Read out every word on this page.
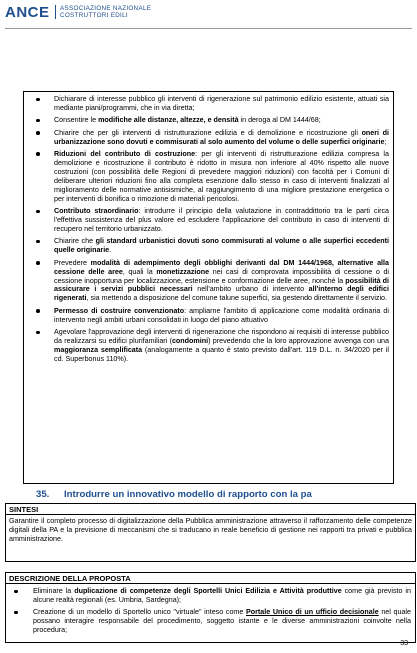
ANCE ASSOCIAZIONE NAZIONALE
COSTRUTTORI EDILI
Dichiarare di interesse pubblico gli interventi di rigenerazione sul patrimonio edilizio esistente, attuati sia mediante piani/programmi, che in via diretta;
Consentire le modifiche alle distanze, altezze, e densità in deroga al DM 1444/68;
Chiarire che per gli interventi di ristrutturazione edilizia e di demolizione e ricostruzione gli oneri di urbanizzazione sono dovuti e commisurati al solo aumento del volume o delle superfici originarie;
Riduzioni del contributo di costruzione: per gli interventi di ristrutturazione edilizia compresa la demolizione e ricostruzione il contributo è ridotto in misura non inferiore al 40% rispetto alle nuove costruzioni (con possibilità delle Regioni di prevedere maggiori riduzioni) con facoltà per i Comuni di deliberare ulteriori riduzioni fino alla completa esenzione dallo stesso in caso di interventi finalizzati al miglioramento delle normative antisismiche, al raggiungimento di una migliore prestazione energetica o per interventi di bonifica o rimozione di materiali pericolosi.
Contributo straordinario: introdurre il principio della valutazione in contraddittorio tra le parti circa l'effettiva sussistenza del plus valore ed escludere l'applicazione del contributo in caso di interventi di recupero nel territorio urbanizzato.
Chiarire che gli standard urbanistici dovuti sono commisurati al volume o alle superfici eccedenti quelle originarie.
Prevedere modalità di adempimento degli obblighi derivanti dal DM 1444/1968, alternative alla cessione delle aree, quali la monetizzazione nei casi di comprovata impossibilità di cessione o di cessione inopportuna per localizzazione, estensione e conformazione delle aree, nonché la possibilità di assicurare i servizi pubblici necessari nell'ambito urbano di intervento all'interno degli edifici rigenerati, sia mettendo a disposizione del comune talune superfici, sia gestendo direttamente il servizio.
Permesso di costruire convenzionato: ampliarne l'ambito di applicazione come modalità ordinaria di intervento negli ambiti urbani consolidati in luogo del piano attuativo
Agevolare l'approvazione degli interventi di rigenerazione che rispondono ai requisiti di interesse pubblico da realizzarsi su edifici plurifamiliari (condomini) prevedendo che la loro approvazione avvenga con una maggioranza semplificata (analogamente a quanto è stato previsto dall'art. 119 D.L. n. 34/2020 per il cd. Superbonus 110%).
35. Introdurre un innovativo modello di rapporto con la pa
SINTESI
Garantire il completo processo di digitalizzazione della Pubblica amministrazione attraverso il rafforzamento delle competenze digitali della PA e la previsione di meccanismi che si traducano in reale beneficio di gestione nei rapporti tra privati e pubblica amministrazione.
DESCRIZIONE DELLA PROPOSTA
Eliminare la duplicazione di competenze degli Sportelli Unici Edilizia e Attività produttive come già previsto in alcune realtà regionali (es. Umbria, Sardegna);
Creazione di un modello di Sportello unico "virtuale" inteso come Portale Unico di un ufficio decisionale nel quale possano interagire responsabile del procedimento, soggetto istante e le diverse amministrazioni coinvolte nella procedura;
33
